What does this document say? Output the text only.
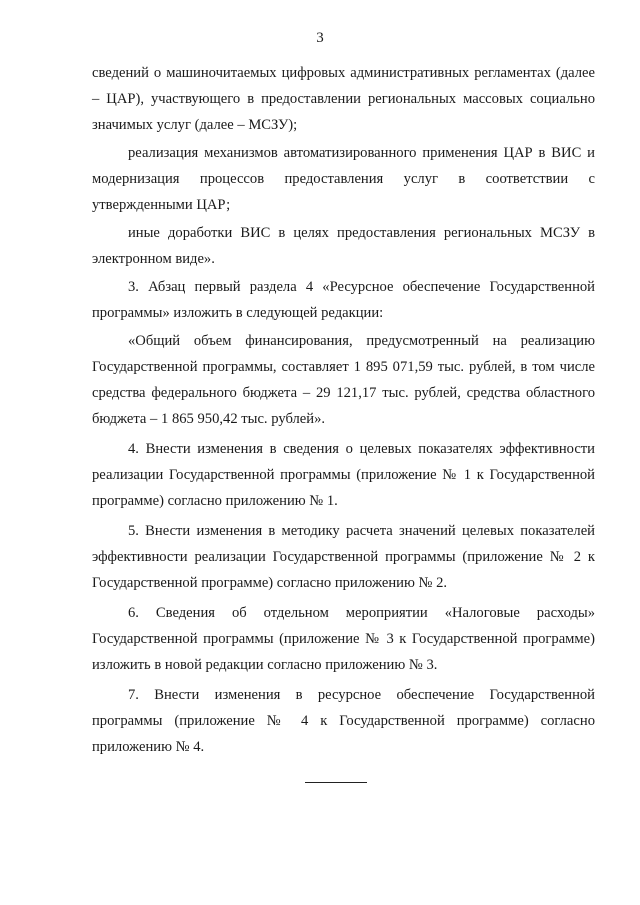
3

сведений о машиночитаемых цифровых административных регламентах (далее – ЦАР), участвующего в предоставлении региональных массовых социально значимых услуг (далее – МСЗУ);

реализация механизмов автоматизированного применения ЦАР в ВИС и модернизация процессов предоставления услуг в соответствии с утвержденными ЦАР;

иные доработки ВИС в целях предоставления региональных МСЗУ в электронном виде».

3. Абзац первый раздела 4 «Ресурсное обеспечение Государственной программы» изложить в следующей редакции:

«Общий объем финансирования, предусмотренный на реализацию Государственной программы, составляет 1 895 071,59 тыс. рублей, в том числе средства федерального бюджета – 29 121,17 тыс. рублей, средства областного бюджета – 1 865 950,42 тыс. рублей».

4. Внести изменения в сведения о целевых показателях эффективности реализации Государственной программы (приложение № 1 к Государственной программе) согласно приложению № 1.

5. Внести изменения в методику расчета значений целевых показателей эффективности реализации Государственной программы (приложение № 2 к Государственной программе) согласно приложению № 2.

6. Сведения об отдельном мероприятии «Налоговые расходы» Государственной программы (приложение № 3 к Государственной программе) изложить в новой редакции согласно приложению № 3.

7. Внести изменения в ресурсное обеспечение Государственной программы (приложение № 4 к Государственной программе) согласно приложению № 4.
